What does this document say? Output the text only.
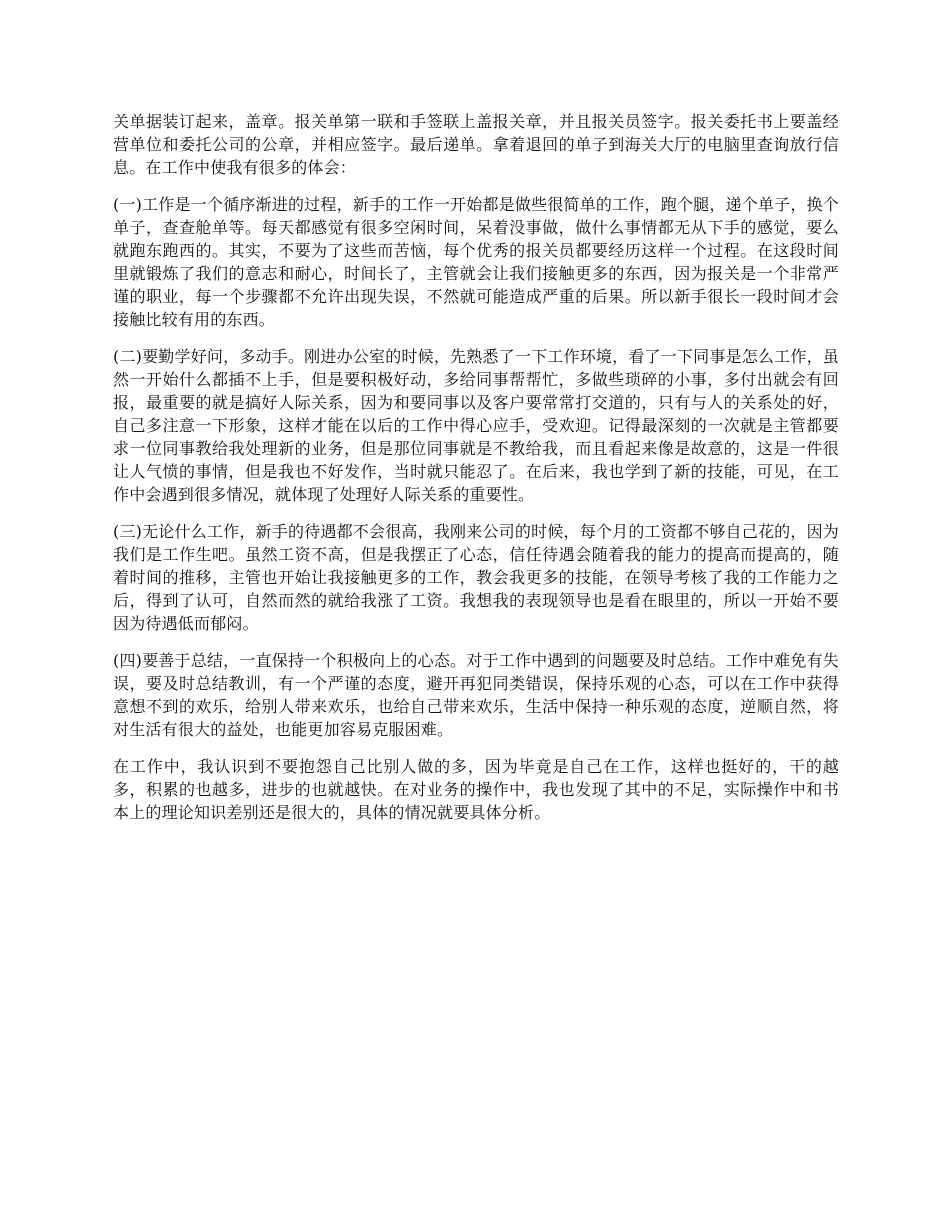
关单据装订起来，盖章。报关单第一联和手签联上盖报关章，并且报关员签字。报关委托书上要盖经营单位和委托公司的公章，并相应签字。最后递单。拿着退回的单子到海关大厅的电脑里查询放行信息。在工作中使我有很多的体会：

(一)工作是一个循序渐进的过程，新手的工作一开始都是做些很简单的工作，跑个腿，递个单子，换个单子，查查舱单等。每天都感觉有很多空闲时间，呆着没事做，做什么事情都无从下手的感觉，要么就跑东跑西的。其实，不要为了这些而苦恼，每个优秀的报关员都要经历这样一个过程。在这段时间里就锻炼了我们的意志和耐心，时间长了，主管就会让我们接触更多的东西，因为报关是一个非常严谨的职业，每一个步骤都不允许出现失误，不然就可能造成严重的后果。所以新手很长一段时间才会接触比较有用的东西。

(二)要勤学好问，多动手。刚进办公室的时候，先熟悉了一下工作环境，看了一下同事是怎么工作，虽然一开始什么都插不上手，但是要积极好动，多给同事帮帮忙，多做些琐碎的小事，多付出就会有回报，最重要的就是搞好人际关系，因为和要同事以及客户要常常打交道的，只有与人的关系处的好，自己多注意一下形象，这样才能在以后的工作中得心应手，受欢迎。记得最深刻的一次就是主管都要求一位同事教给我处理新的业务，但是那位同事就是不教给我，而且看起来像是故意的，这是一件很让人气愤的事情，但是我也不好发作，当时就只能忍了。在后来，我也学到了新的技能，可见，在工作中会遇到很多情况，就体现了处理好人际关系的重要性。

(三)无论什么工作，新手的待遇都不会很高，我刚来公司的时候，每个月的工资都不够自己花的，因为我们是工作生吧。虽然工资不高，但是我摆正了心态，信任待遇会随着我的能力的提高而提高的，随着时间的推移，主管也开始让我接触更多的工作，教会我更多的技能，在领导考核了我的工作能力之后，得到了认可，自然而然的就给我涨了工资。我想我的表现领导也是看在眼里的，所以一开始不要因为待遇低而郁闷。

(四)要善于总结，一直保持一个积极向上的心态。对于工作中遇到的问题要及时总结。工作中难免有失误，要及时总结教训，有一个严谨的态度，避开再犯同类错误，保持乐观的心态，可以在工作中获得意想不到的欢乐，给别人带来欢乐，也给自己带来欢乐，生活中保持一种乐观的态度，逆顺自然，将对生活有很大的益处，也能更加容易克服困难。

在工作中，我认识到不要抱怨自己比别人做的多，因为毕竟是自己在工作，这样也挺好的，干的越多，积累的也越多，进步的也就越快。在对业务的操作中，我也发现了其中的不足，实际操作中和书本上的理论知识差别还是很大的，具体的情况就要具体分析。
